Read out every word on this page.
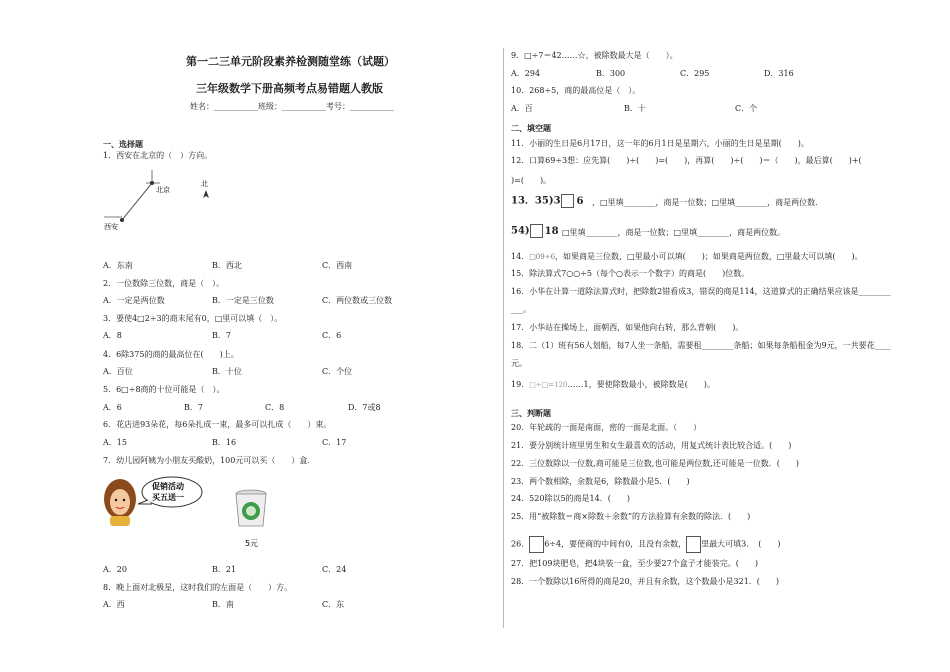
第一二三单元阶段素养检测随堂练（试题）
三年级数学下册高频考点易错题人教版
姓名：___________班级：___________考号：___________
一、选择题
1．西安在北京的（　）方向。
北京
西安
北
A．东南	B．西北	C．西南
2．一位数除三位数，商是（　）。
A．一定是两位数	B．一定是三位数	C．两位数或三位数
3．要使4□2÷3的商末尾有0，□里可以填（　）。
A．8	B．7	C．6
4．6除375的商的最高位在(　　)上。
A．百位	B．十位	C．个位
5．6□÷8商的十位可能是（　）。
A．6	B．7	C．8	D．7或8
6．花店进93朵花，每6朵扎成一束，最多可以扎成（　　）束。
A．15	B．16	C．17
7．幼儿园阿姨为小朋友买酸奶，100元可以买（　　）盒.
促销活动
买五送一
5元
A．20	B．21	C．24
8．晚上面对北极星，这时我们的左面是（　　）方。
A．西	B．南	C．东
9．□÷7＝42……☆，被除数最大是（　　）。
A．294	B．300	C．295	D．316
10．268÷5，商的最高位是（　）。
A．百	B．十	C．个
二、填空题
11．小丽的生日是6月17日，这一年的6月1日是星期六，小丽的生日是星期(　　)。
12．口算69÷3想：应先算(　　)÷(　　)=(　　)，再算(　　)÷(　　)＝（　　)，最后算(　　)+(
)=(　　)。
13．35)3 6 ，□里填________，商是一位数；□里填________，商是两位数.
54) 18 □里填________，商是一位数；□里填________，商是两位数。
14．□09÷6，如果商是三位数，□里最小可以填(　　)；如果商是两位数，□里最大可以填(　　)。
15．除法算式7○○÷5（每个○表示一个数字）的商是(　　)位数。
16．小华在计算一道除法算式时，把除数2错看成3，错误的商是114，这道算式的正确结果应该是________
___。
17．小华站在操场上，面朝西，如果他向右转，那么背朝(　　)。
18．二（1）班有56人划船，每7人坐一条船，需要租________条船；如果每条船租金为9元，一共要花____
元。
19．□÷□=120……1，要使除数最小，被除数是(　　)。
三、判断题
20．年轮疏的一面是南面，密的一面是北面。（　　）
21．要分别统计班里男生和女生最喜欢的活动，用复式统计表比较合适。(　　)
22．三位数除以一位数,商可能是三位数,也可能是两位数,还可能是一位数．(　　)
23．两个数相除，余数是6，除数最小是5．(　　)
24．520除以5的商是14．(　　)
25．用“被除数＝商×除数＋余数”的方法验算有余数的除法．(　　)
26． 6÷4，要使商的中间有0，且没有余数， 里最大可填3．　(　　)
27．把109块肥皂，把4块装一盒，至少要27个盒子才能装完。(　　)
28．一个数除以16所得的商是20，并且有余数，这个数最小是321．(　　)
